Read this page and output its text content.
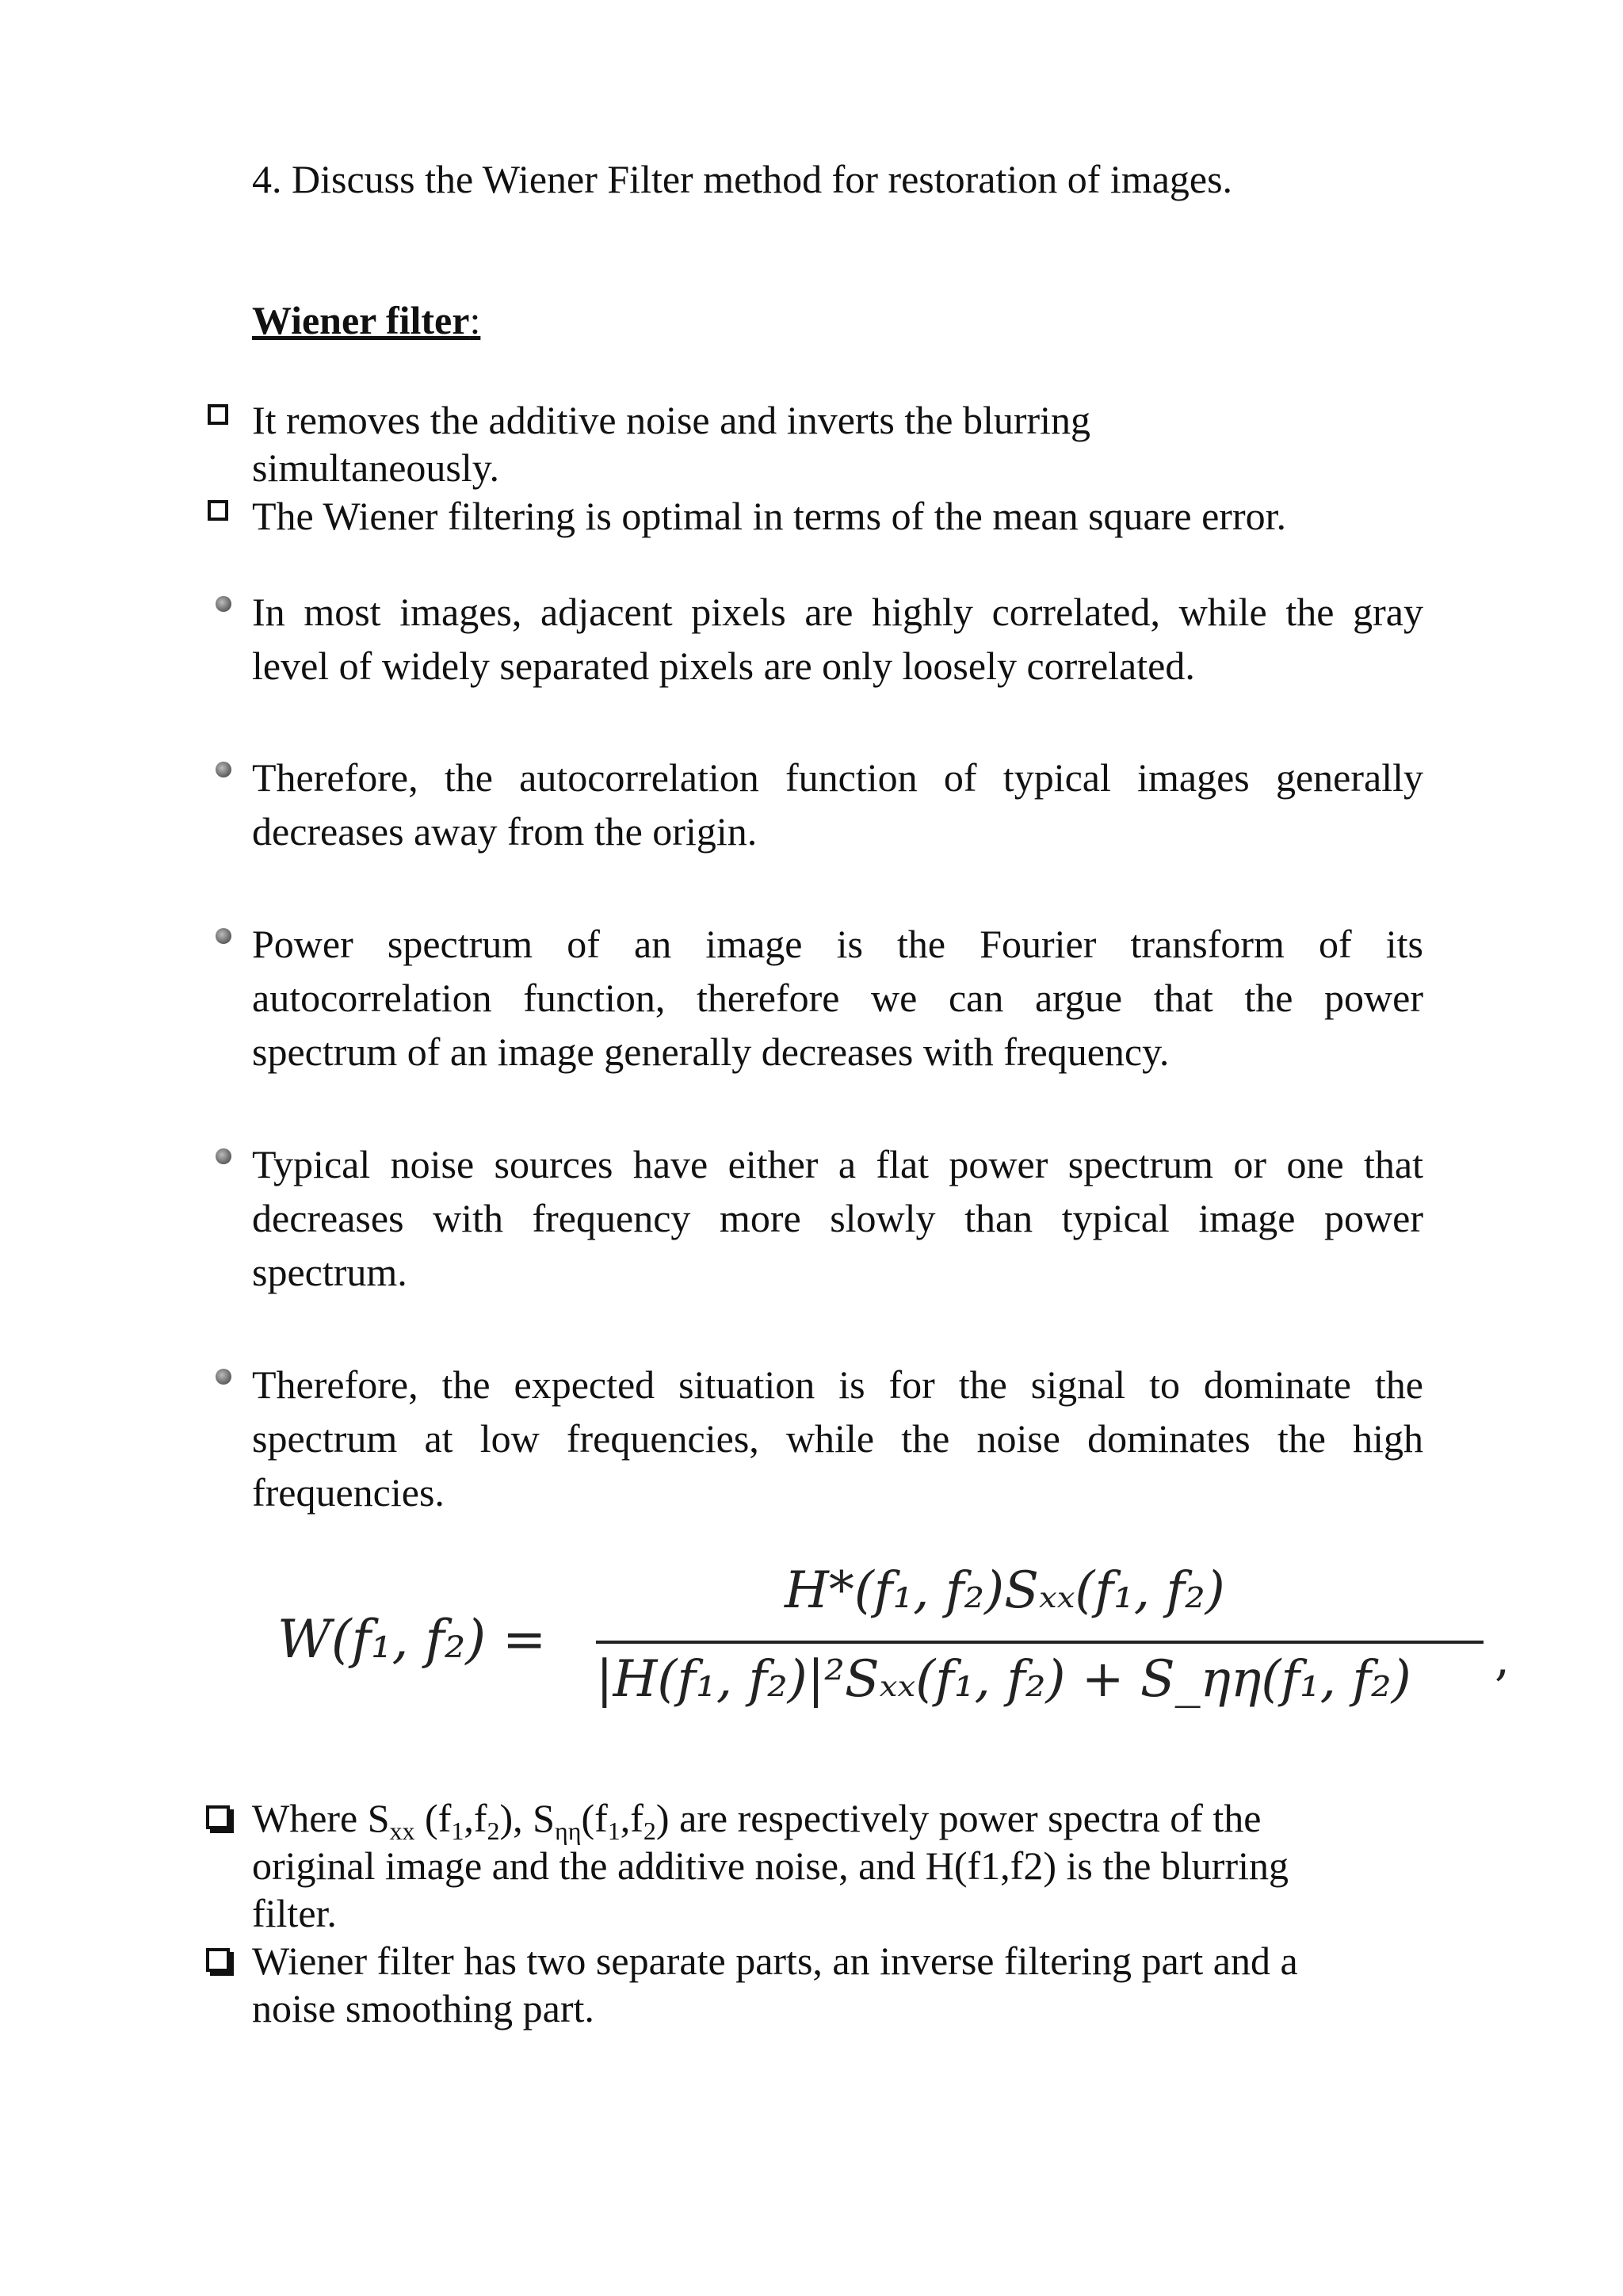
4. Discuss the Wiener Filter method for restoration of images.
Wiener filter:
It removes the additive noise and inverts the blurring
simultaneously.
The Wiener filtering is optimal in terms of the mean square error.
In most images, adjacent pixels are highly correlated, while the gray
level of widely separated pixels are only loosely correlated.
Therefore, the autocorrelation function of typical images generally
decreases away from the origin.
Power spectrum of an image is the Fourier transform of its
autocorrelation function, therefore we can argue that the power
spectrum of an image generally decreases with frequency.
Typical noise sources have either a flat power spectrum or one that
decreases with frequency more slowly than typical image power
spectrum.
Therefore, the expected situation is for the signal to dominate the
spectrum at low frequencies, while the noise dominates the high
frequencies.
W(f₁, f₂) =
H*(f₁, f₂)Sₓₓ(f₁, f₂)
|H(f₁, f₂)|²Sₓₓ(f₁, f₂) + S_ηη(f₁, f₂) ,
Where $S_{xx}$ $(f_1,f_2)$, $S_{\eta\eta}(f_1,f_2)$ are respectively power spectra of the
original image and the additive noise, and H(f1,f2) is the blurring
filter.
Wiener filter has two separate parts, an inverse filtering part and a
noise smoothing part.
